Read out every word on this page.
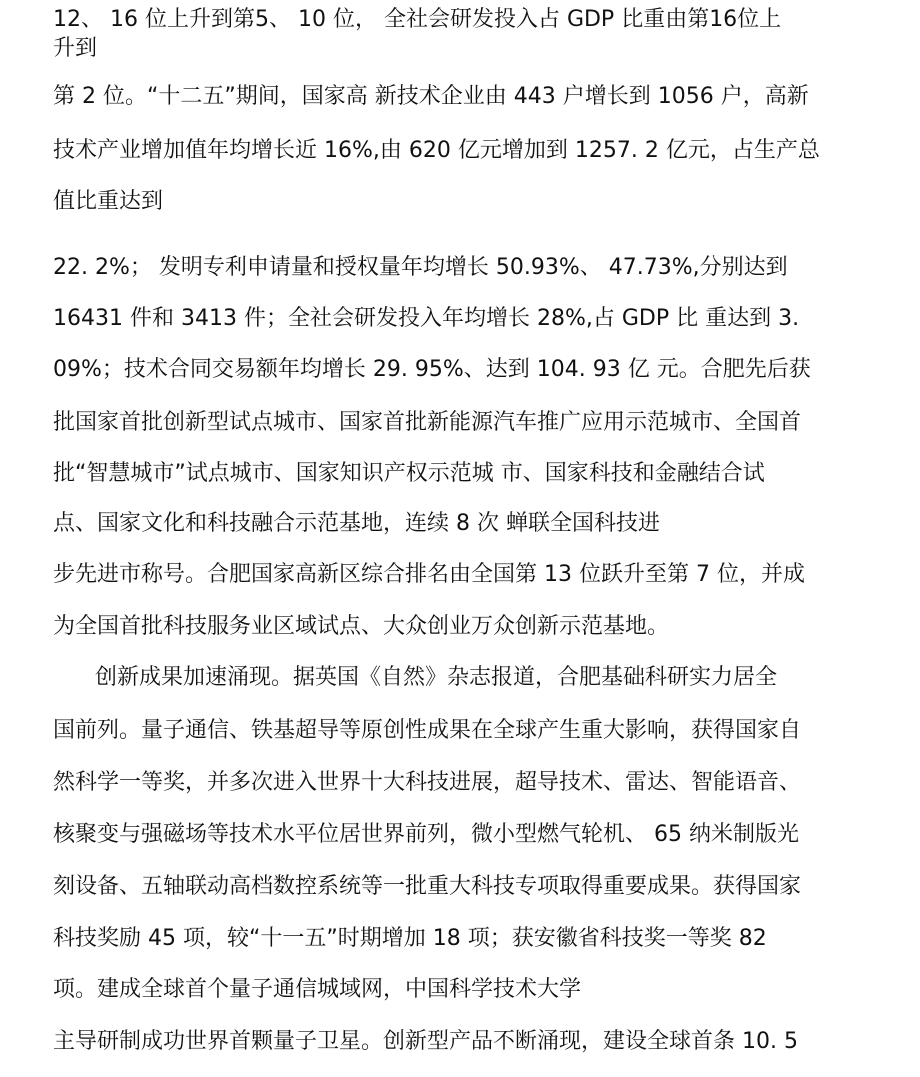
12、 16 位上升到第5、 10 位， 全社会研发投入占 GDP 比重由第16位上
升到
第 2 位。“十二五”期间，国家高 新技术企业由 443 户增长到 1056 户，高新
技术产业增加值年均增长近 16%,由 620 亿元增加到 1257. 2 亿元，占生产总
值比重达到
22. 2%； 发明专利申请量和授权量年均增长 50.93%、 47.73%,分别达到
16431 件和 3413 件；全社会研发投入年均增长 28%,占 GDP 比 重达到 3.
09%；技术合同交易额年均增长 29. 95%、达到 104. 93 亿 元。合肥先后获
批国家首批创新型试点城市、国家首批新能源汽车推广应用示范城市、全国首
批“智慧城市”试点城市、国家知识产权示范城 市、国家科技和金融结合试
点、国家文化和科技融合示范基地，连续 8 次 蝉联全国科技进
步先进市称号。合肥国家高新区综合排名由全国第 13 位跃升至第 7 位，并成
为全国首批科技服务业区域试点、大众创业万众创新示范基地。
创新成果加速涌现。据英国《自然》杂志报道，合肥基础科研实力居全
国前列。量子通信、铁基超导等原创性成果在全球产生重大影响，获得国家自
然科学一等奖，并多次进入世界十大科技进展，超导技术、雷达、智能语音、
核聚变与强磁场等技术水平位居世界前列，微小型燃气轮机、 65 纳米制版光
刻设备、五轴联动高档数控系统等一批重大科技专项取得重要成果。获得国家
科技奖励 45 项，较“十一五”时期增加 18 项；获安徽省科技奖一等奖 82
项。建成全球首个量子通信城域网，中国科学技术大学
主导研制成功世界首颗量子卫星。创新型产品不断涌现，建设全球首条 10. 5
